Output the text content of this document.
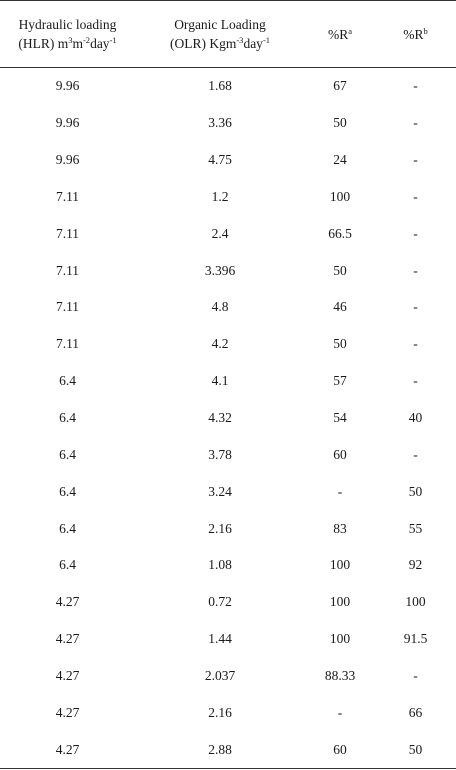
Hydraulic loading
(HLR) $m^3m^{-2}day^{-1}$	Organic Loading
(OLR) Kgm$^{-3}$day$^{-1}$	$\%R^a$	$\%R^b$
9.96	1.68	67	-
9.96	3.36	50	-
9.96	4.75	24	-
7.11	1.2	100	-
7.11	2.4	66.5	-
7.11	3.396	50	-
7.11	4.8	46	-
7.11	4.2	50	-
6.4	4.1	57	-
6.4	4.32	54	40
6.4	3.78	60	-
6.4	3.24	-	50
6.4	2.16	83	55
6.4	1.08	100	92
4.27	0.72	100	100
4.27	1.44	100	91.5
4.27	2.037	88.33	-
4.27	2.16	-	66
4.27	2.88	60	50
